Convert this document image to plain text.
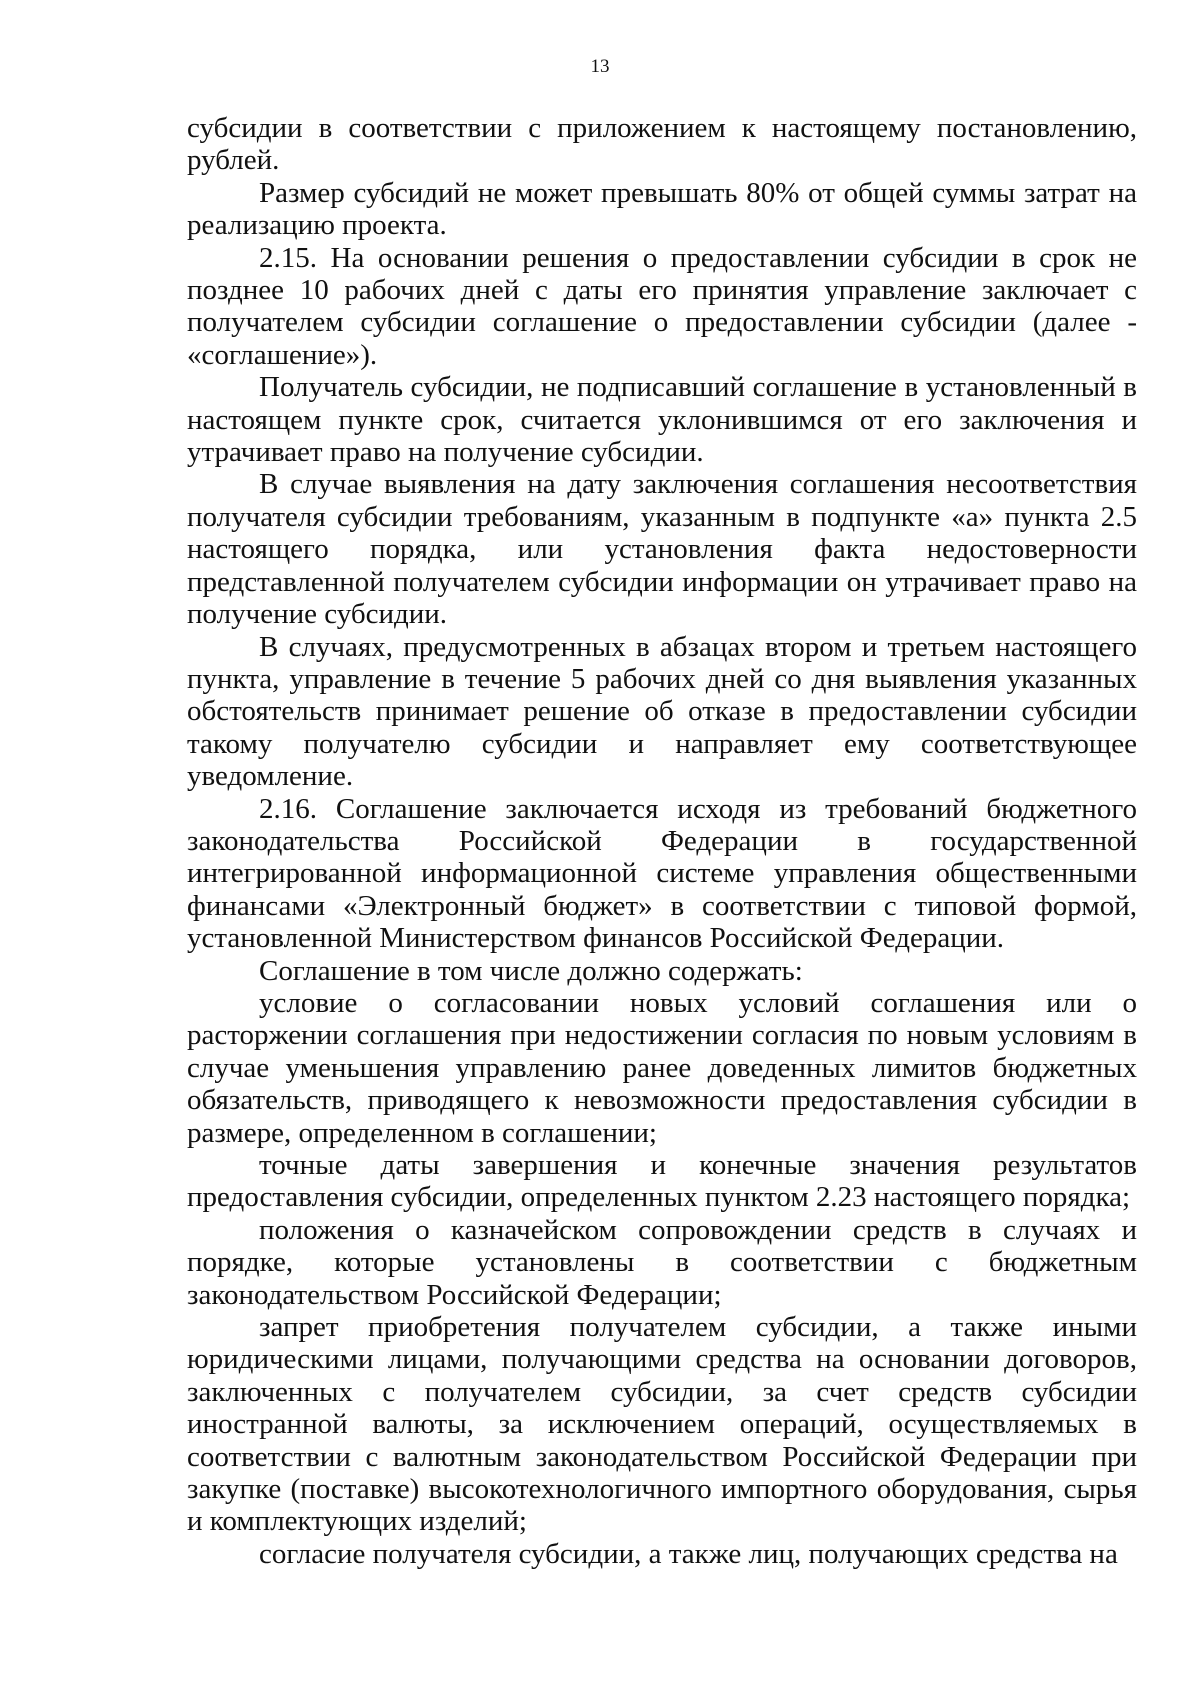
13

субсидии в соответствии с приложением к настоящему постановлению, рублей.

Размер субсидий не может превышать 80% от общей суммы затрат на реализацию проекта.

2.15. На основании решения о предоставлении субсидии в срок не позднее 10 рабочих дней с даты его принятия управление заключает с получателем субсидии соглашение о предоставлении субсидии (далее - «соглашение»).

Получатель субсидии, не подписавший соглашение в установленный в настоящем пункте срок, считается уклонившимся от его заключения и утрачивает право на получение субсидии.

В случае выявления на дату заключения соглашения несоответствия получателя субсидии требованиям, указанным в подпункте «а» пункта 2.5 настоящего порядка, или установления факта недостоверности представленной получателем субсидии информации он утрачивает право на получение субсидии.

В случаях, предусмотренных в абзацах втором и третьем настоящего пункта, управление в течение 5 рабочих дней со дня выявления указанных обстоятельств принимает решение об отказе в предоставлении субсидии такому получателю субсидии и направляет ему соответствующее уведомление.

2.16. Соглашение заключается исходя из требований бюджетного законодательства Российской Федерации в государственной интегрированной информационной системе управления общественными финансами «Электронный бюджет» в соответствии с типовой формой, установленной Министерством финансов Российской Федерации.

Соглашение в том числе должно содержать:

условие о согласовании новых условий соглашения или о расторжении соглашения при недостижении согласия по новым условиям в случае уменьшения управлению ранее доведенных лимитов бюджетных обязательств, приводящего к невозможности предоставления субсидии в размере, определенном в соглашении;

точные даты завершения и конечные значения результатов предоставления субсидии, определенных пунктом 2.23 настоящего порядка;

положения о казначейском сопровождении средств в случаях и порядке, которые установлены в соответствии с бюджетным законодательством Российской Федерации;

запрет приобретения получателем субсидии, а также иными юридическими лицами, получающими средства на основании договоров, заключенных с получателем субсидии, за счет средств субсидии иностранной валюты, за исключением операций, осуществляемых в соответствии с валютным законодательством Российской Федерации при закупке (поставке) высокотехнологичного импортного оборудования, сырья и комплектующих изделий;

согласие получателя субсидии, а также лиц, получающих средства на
